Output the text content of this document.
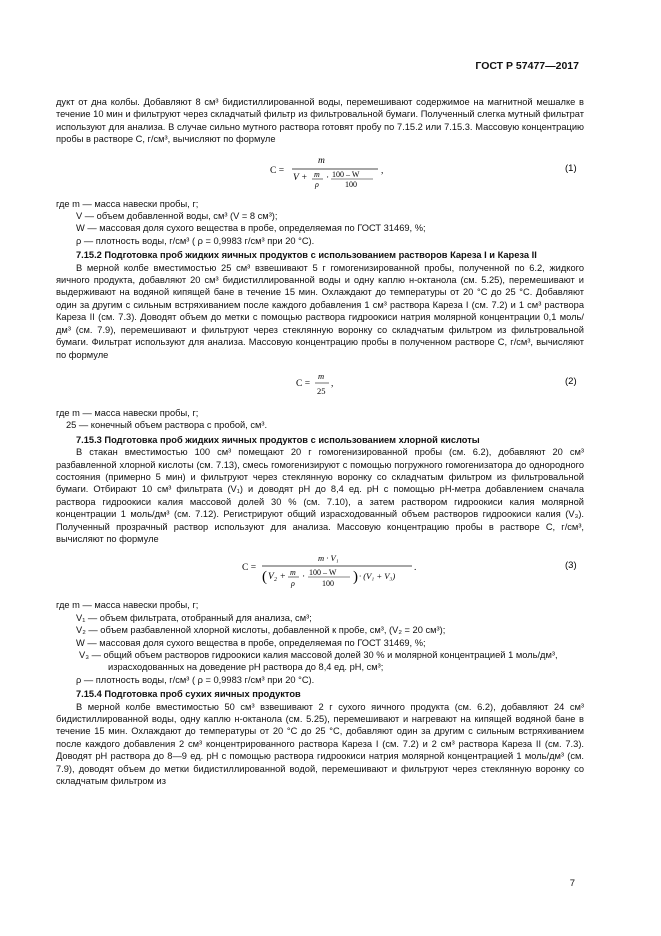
ГОСТ Р 57477—2017

дукт от дна колбы. Добавляют 8 см³ бидистиллированной воды, перемешивают содержимое на магнитной мешалке в течение 10 мин и фильтруют через складчатый фильтр из фильтровальной бумаги. Полученный слегка мутный фильтрат используют для анализа. В случае сильно мутного раствора готовят пробу по 7.15.2 или 7.15.3. Массовую концентрацию пробы в растворе С, г/см³, вычисляют по формуле

C =
m
V + m
ρ
· 100 – W
100
,	(1)

где m — масса навески пробы, г;

V — объем добавленной воды, см³ (V = 8 см³);

W — массовая доля сухого вещества в пробе, определяемая по ГОСТ 31469, %;

ρ — плотность воды, г/см³ ( ρ = 0,9983 г/см³ при 20 °С).

7.15.2 Подготовка проб жидких яичных продуктов с использованием растворов Кареза I и Кареза II

В мерной колбе вместимостью 25 см³ взвешивают 5 г гомогенизированной пробы, полученной по 6.2, жидкого яичного продукта, добавляют 20 см³ бидистиллированной воды и одну каплю н-октанола (см. 5.25), перемешивают и выдерживают на водяной кипящей бане в течение 15 мин. Охлаждают до температуры от 20 °С до 25 °С. Добавляют один за другим с сильным встряхиванием после каждого добавления 1 см³ раствора Кареза I (см. 7.2) и 1 см³ раствора Кареза II (см. 7.3). Доводят объем до метки с помощью раствора гидроокиси натрия молярной концентрации 0,1 моль/дм³ (см. 7.9), перемешивают и фильтруют через стеклянную воронку со складчатым фильтром из фильтровальной бумаги. Фильтрат используют для анализа. Массовую концентрацию пробы в полученном растворе С, г/см³, вычисляют по формуле

C =
m
25
,	(2)

где m — масса навески пробы, г;

25 — конечный объем раствора с пробой, см³.

7.15.3 Подготовка проб жидких яичных продуктов с использованием хлорной кислоты

В стакан вместимостью 100 см³ помещают 20 г гомогенизированной пробы (см. 6.2), добавляют 20 см³ разбавленной хлорной кислоты (см. 7.13), смесь гомогенизируют с помощью погружного гомогенизатора до однородного состояния (примерно 5 мин) и фильтруют через стеклянную воронку со складчатым фильтром из фильтровальной бумаги. Отбирают 10 см³ фильтрата (V₁) и доводят рН до 8,4 ед. рН с помощью рН-метра добавлением сначала раствора гидроокиси калия массовой долей 30 % (см. 7.10), а затем раствором гидроокиси калия молярной концентрации 1 моль/дм³ (см. 7.12). Регистрируют общий израсходованный объем растворов гидроокиси калия (V₃). Полученный прозрачный раствор используют для анализа. Массовую концентрацию пробы в растворе С, г/см³, вычисляют по формуле

C =
m · V₁
( V₂ + m
ρ
· 100 – W
100 ) · (V₁ + V₃)
.	(3)

где m — масса навески пробы, г;

V₁ — объем фильтрата, отобранный для анализа, см³;

V₂ — объем разбавленной хлорной кислоты, добавленной к пробе, см³, (V₂ = 20 см³);

W — массовая доля сухого вещества в пробе, определяемая по ГОСТ 31469, %;

V₃ — общий объем растворов гидроокиси калия массовой долей 30 % и молярной концентрацией 1 моль/дм³, израсходованных на доведение рН раствора до 8,4 ед. рН, см³;

ρ — плотность воды, г/см³ ( ρ = 0,9983 г/см³ при 20 °С).

7.15.4 Подготовка проб сухих яичных продуктов

В мерной колбе вместимостью 50 см³ взвешивают 2 г сухого яичного продукта (см. 6.2), добавляют 24 см³ бидистиллированной воды, одну каплю н-октанола (см. 5.25), перемешивают и нагревают на кипящей водяной бане в течение 15 мин. Охлаждают до температуры от 20 °С до 25 °С, добавляют один за другим с сильным встряхиванием после каждого добавления 2 см³ концентрированного раствора Кареза I (см. 7.2) и 2 см³ раствора Кареза II (см. 7.3). Доводят рН раствора до 8—9 ед. рН с помощью раствора гидроокиси натрия молярной концентрацией 1 моль/дм³ (см. 7.9), доводят объем до метки бидистиллированной водой, перемешивают и фильтруют через стеклянную воронку со складчатым фильтром из

7
